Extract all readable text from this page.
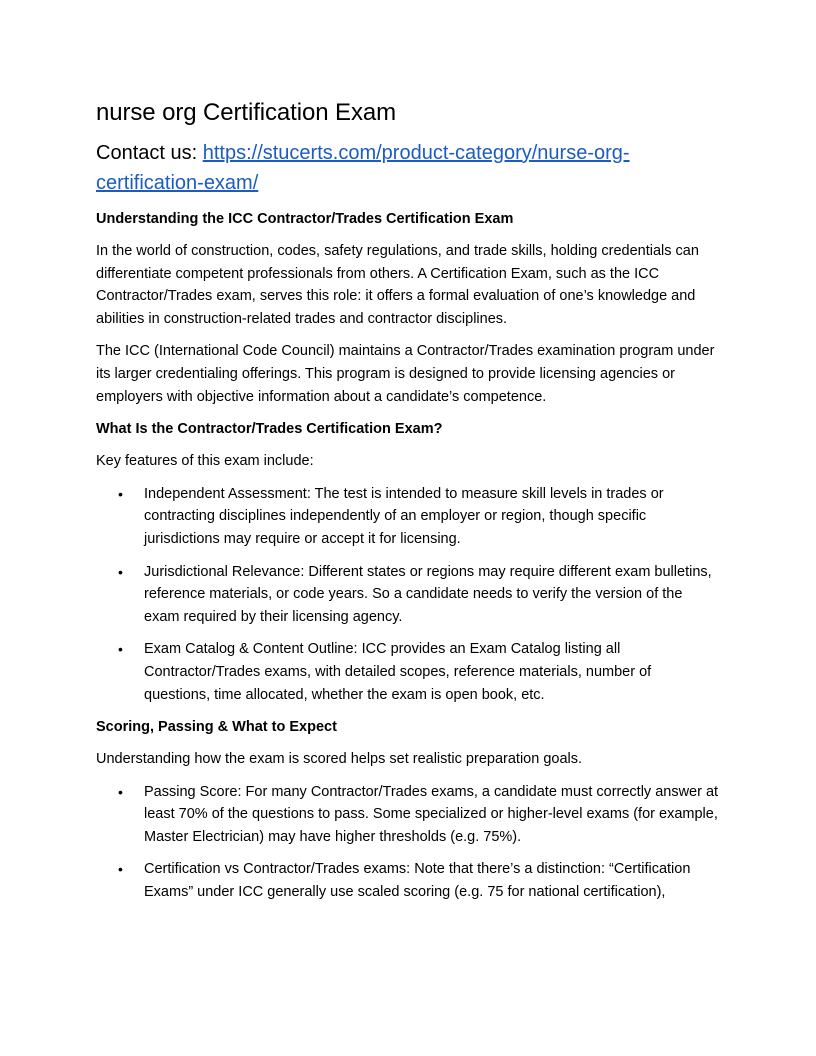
nurse org Certification Exam
Contact us: https://stucerts.com/product-category/nurse-org-certification-exam/
Understanding the ICC Contractor/Trades Certification Exam

In the world of construction, codes, safety regulations, and trade skills, holding credentials can differentiate competent professionals from others. A Certification Exam, such as the ICC Contractor/Trades exam, serves this role: it offers a formal evaluation of one’s knowledge and abilities in construction-related trades and contractor disciplines.

The ICC (International Code Council) maintains a Contractor/Trades examination program under its larger credentialing offerings. This program is designed to provide licensing agencies or employers with objective information about a candidate’s competence.

What Is the Contractor/Trades Certification Exam?

Key features of this exam include:

• Independent Assessment: The test is intended to measure skill levels in trades or contracting disciplines independently of an employer or region, though specific jurisdictions may require or accept it for licensing.
• Jurisdictional Relevance: Different states or regions may require different exam bulletins, reference materials, or code years. So a candidate needs to verify the version of the exam required by their licensing agency.
• Exam Catalog & Content Outline: ICC provides an Exam Catalog listing all Contractor/Trades exams, with detailed scopes, reference materials, number of questions, time allocated, whether the exam is open book, etc.
Scoring, Passing & What to Expect

Understanding how the exam is scored helps set realistic preparation goals.

• Passing Score: For many Contractor/Trades exams, a candidate must correctly answer at least 70% of the questions to pass. Some specialized or higher-level exams (for example, Master Electrician) may have higher thresholds (e.g. 75%).
• Certification vs Contractor/Trades exams: Note that there’s a distinction: “Certification Exams” under ICC generally use scaled scoring (e.g. 75 for national certification),
